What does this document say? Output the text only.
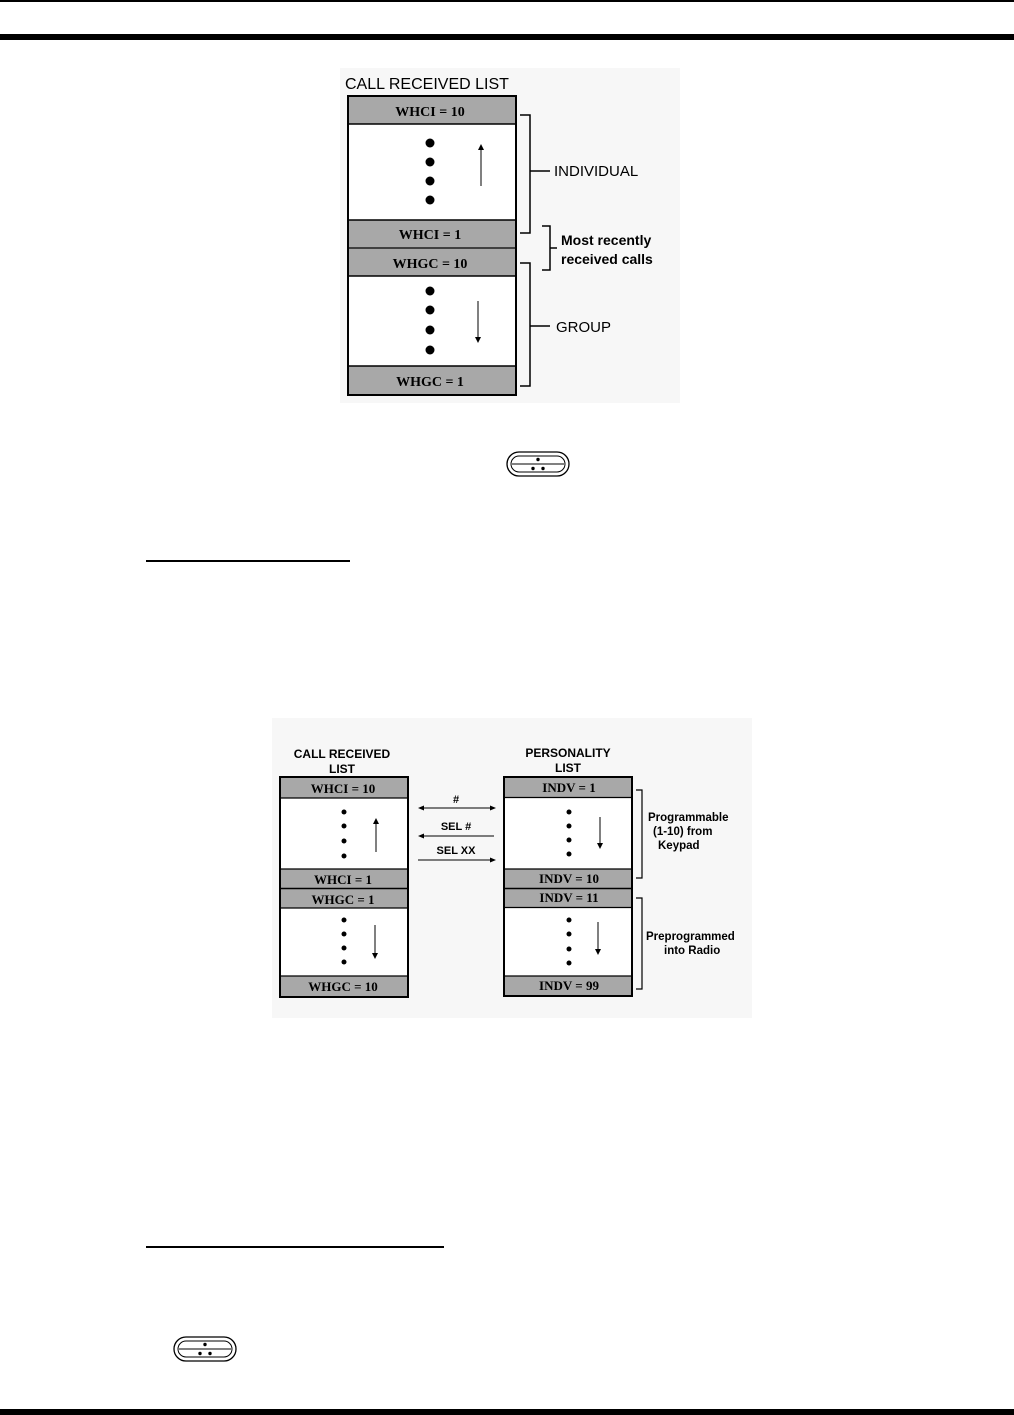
CALL RECEIVED LIST
WHCI = 10
WHCI = 1
WHGC = 10
WHGC = 1
INDIVIDUAL
Most recently
received calls
GROUP
CALL RECEIVED
LIST
PERSONALITY
LIST
WHCI = 10
WHCI = 1
WHGC = 1
WHGC = 10
#
SEL #
SEL XX
INDV = 1
INDV = 10
INDV = 11
INDV = 99
Programmable
(1-10) from
Keypad
Preprogrammed
into Radio
